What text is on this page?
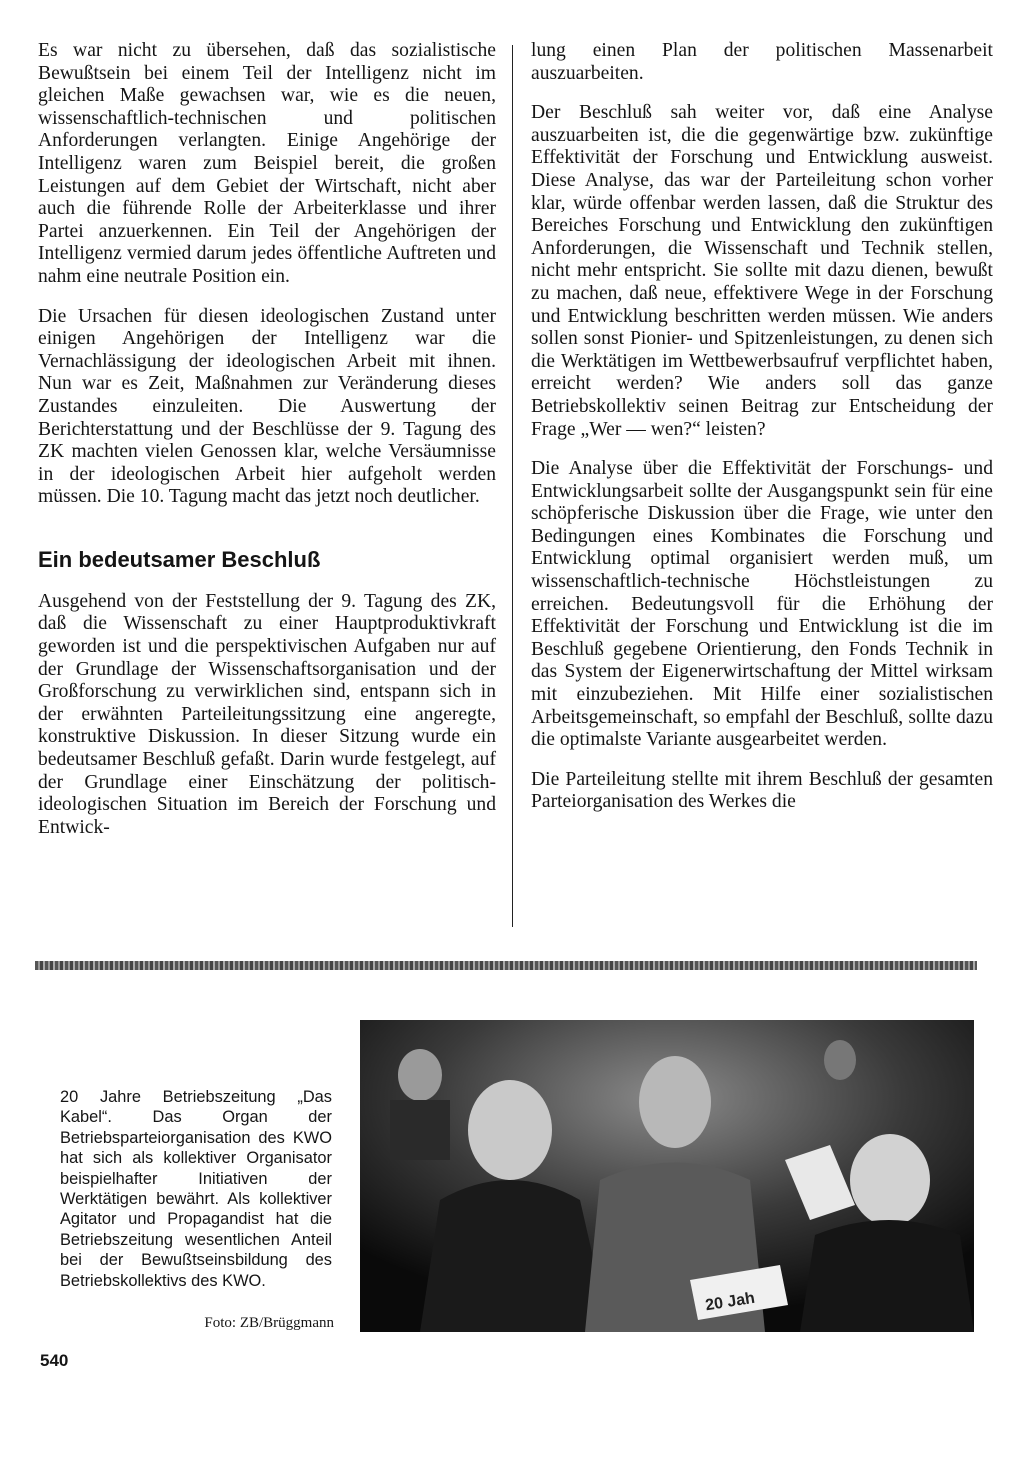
Es war nicht zu übersehen, daß das sozialistische Bewußtsein bei einem Teil der Intelligenz nicht im gleichen Maße gewachsen war, wie es die neuen, wissenschaftlich-technischen und politischen Anforderungen verlangten. Einige Angehörige der Intelligenz waren zum Beispiel bereit, die großen Leistungen auf dem Gebiet der Wirtschaft, nicht aber auch die führende Rolle der Arbeiterklasse und ihrer Partei anzuerkennen. Ein Teil der Angehörigen der Intelligenz vermied darum jedes öffentliche Auftreten und nahm eine neutrale Position ein.

Die Ursachen für diesen ideologischen Zustand unter einigen Angehörigen der Intelligenz war die Vernachlässigung der ideologischen Arbeit mit ihnen. Nun war es Zeit, Maßnahmen zur Veränderung dieses Zustandes einzuleiten. Die Auswertung der Berichterstattung und der Beschlüsse der 9. Tagung des ZK machten vielen Genossen klar, welche Versäumnisse in der ideologischen Arbeit hier aufgeholt werden müssen. Die 10. Tagung macht das jetzt noch deutlicher.

Ein bedeutsamer Beschluß

Ausgehend von der Feststellung der 9. Tagung des ZK, daß die Wissenschaft zu einer Hauptproduktivkraft geworden ist und die perspektivischen Aufgaben nur auf der Grundlage der Wissenschaftsorganisation und der Großforschung zu verwirklichen sind, entspann sich in der erwähnten Parteileitungssitzung eine angeregte, konstruktive Diskussion. In dieser Sitzung wurde ein bedeutsamer Beschluß gefaßt. Darin wurde festgelegt, auf der Grundlage einer Einschätzung der politisch-ideologischen Situation im Bereich der Forschung und Entwick-

lung einen Plan der politischen Massenarbeit auszuarbeiten.

Der Beschluß sah weiter vor, daß eine Analyse auszuarbeiten ist, die die gegenwärtige bzw. zukünftige Effektivität der Forschung und Entwicklung ausweist. Diese Analyse, das war der Parteileitung schon vorher klar, würde offenbar werden lassen, daß die Struktur des Bereiches Forschung und Entwicklung den zukünftigen Anforderungen, die Wissenschaft und Technik stellen, nicht mehr entspricht. Sie sollte mit dazu dienen, bewußt zu machen, daß neue, effektivere Wege in der Forschung und Entwicklung beschritten werden müssen. Wie anders sollen sonst Pionier- und Spitzenleistungen, zu denen sich die Werktätigen im Wettbewerbsaufruf verpflichtet haben, erreicht werden? Wie anders soll das ganze Betriebskollektiv seinen Beitrag zur Entscheidung der Frage „Wer — wen?“ leisten?

Die Analyse über die Effektivität der Forschungs- und Entwicklungsarbeit sollte der Ausgangspunkt sein für eine schöpferische Diskussion über die Frage, wie unter den Bedingungen eines Kombinates die Forschung und Entwicklung optimal organisiert werden muß, um wissenschaftlich-technische Höchstleistungen zu erreichen. Bedeutungsvoll für die Erhöhung der Effektivität der Forschung und Entwicklung ist die im Beschluß gegebene Orientierung, den Fonds Technik in das System der Eigenerwirtschaftung der Mittel wirksam mit einzubeziehen. Mit Hilfe einer sozialistischen Arbeitsgemeinschaft, so empfahl der Beschluß, sollte dazu die optimalste Variante ausgearbeitet werden.

Die Parteileitung stellte mit ihrem Beschluß der gesamten Parteiorganisation des Werkes die

20 Jahre Betriebszeitung „Das Kabel“. Das Organ der Betriebsparteiorganisation des KWO hat sich als kollektiver Organisator beispielhafter Initiativen der Werktätigen bewährt. Als kollektiver Agitator und Propagandist hat die Betriebszeitung wesentlichen Anteil bei der Bewußtseinsbildung des Betriebskollektivs des KWO.
Foto: ZB/Brüggmann
20 Jah
540
